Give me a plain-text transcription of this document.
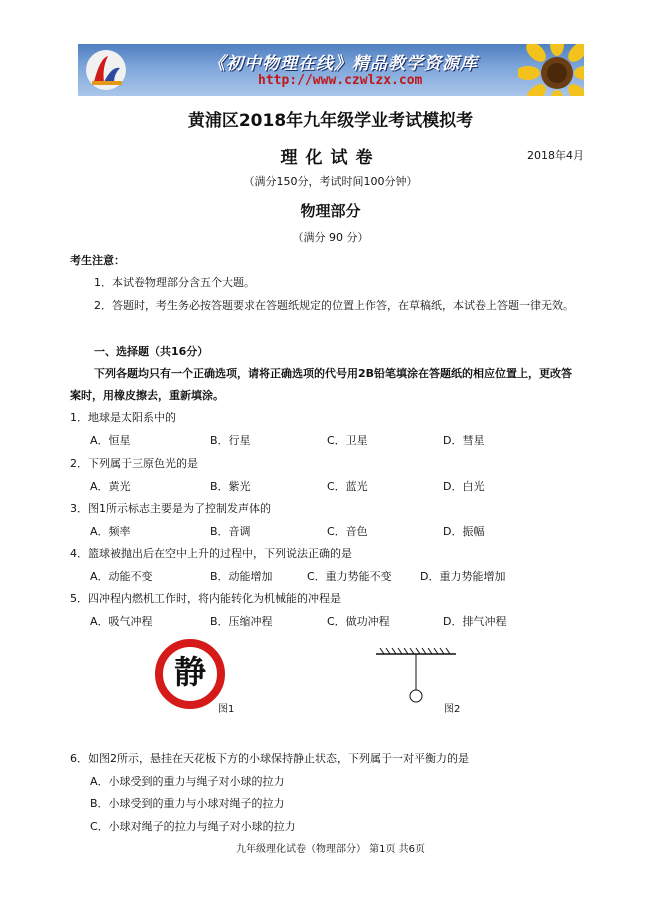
《初中物理在线》精品教学资源库
http://www.czwlzx.com
黄浦区2018年九年级学业考试模拟考
理化试卷	2018年4月
（满分150分，考试时间100分钟）
物理部分
（满分 90 分）
考生注意：
1．本试卷物理部分含五个大题。
2．答题时，考生务必按答题要求在答题纸规定的位置上作答，在草稿纸，本试卷上答题一律无效。
一、选择题（共16分）
下列各题均只有一个正确选项，请将正确选项的代号用2B铅笔填涂在答题纸的相应位置上，更改答
案时，用橡皮擦去，重新填涂。
1．地球是太阳系中的
A．恒星	B．行星	C．卫星	D．彗星
2．下列属于三原色光的是
A．黄光	B．紫光	C．蓝光	D．白光
3．图1所示标志主要是为了控制发声体的
A．频率	B．音调	C．音色	D．振幅
4．篮球被抛出后在空中上升的过程中，下列说法正确的是
A．动能不变	B．动能增加	C．重力势能不变	D．重力势能增加
5．四冲程内燃机工作时，将内能转化为机械能的冲程是
A．吸气冲程	B．压缩冲程	C．做功冲程	D．排气冲程
静
图1	图2
6．如图2所示，悬挂在天花板下方的小球保持静止状态，下列属于一对平衡力的是
A．小球受到的重力与绳子对小球的拉力
B．小球受到的重力与小球对绳子的拉力
C．小球对绳子的拉力与绳子对小球的拉力
九年级理化试卷（物理部分） 第1页 共6页
